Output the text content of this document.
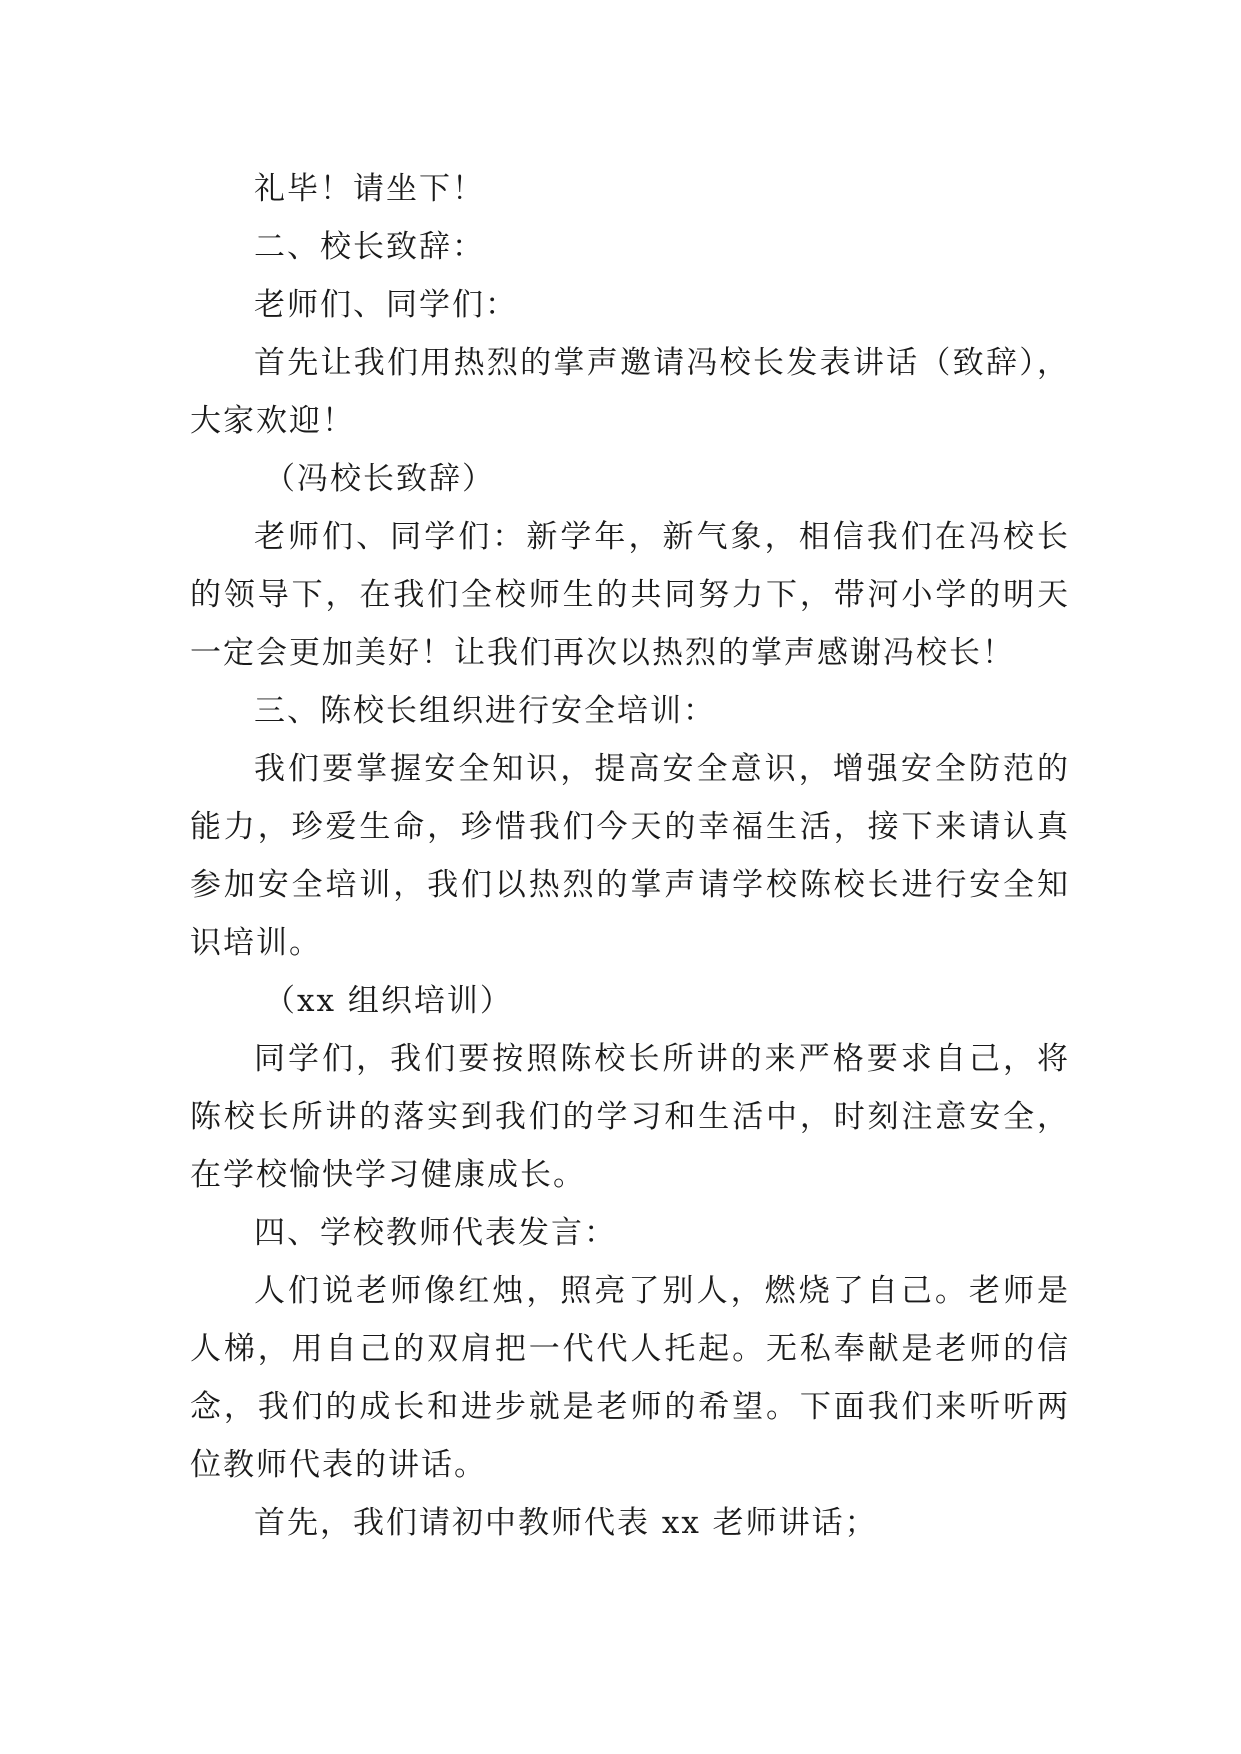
礼毕！请坐下！

二、校长致辞：

老师们、同学们：

首先让我们用热烈的掌声邀请冯校长发表讲话（致辞），大家欢迎！

（冯校长致辞）

老师们、同学们：新学年，新气象，相信我们在冯校长的领导下，在我们全校师生的共同努力下，带河小学的明天一定会更加美好！让我们再次以热烈的掌声感谢冯校长！

三、陈校长组织进行安全培训：

我们要掌握安全知识，提高安全意识，增强安全防范的能力，珍爱生命，珍惜我们今天的幸福生活，接下来请认真参加安全培训，我们以热烈的掌声请学校陈校长进行安全知识培训。

（xx 组织培训）

同学们，我们要按照陈校长所讲的来严格要求自己，将陈校长所讲的落实到我们的学习和生活中，时刻注意安全，在学校愉快学习健康成长。

四、学校教师代表发言：

人们说老师像红烛，照亮了别人，燃烧了自己。老师是人梯，用自己的双肩把一代代人托起。无私奉献是老师的信念，我们的成长和进步就是老师的希望。下面我们来听听两位教师代表的讲话。

首先，我们请初中教师代表 xx 老师讲话；
